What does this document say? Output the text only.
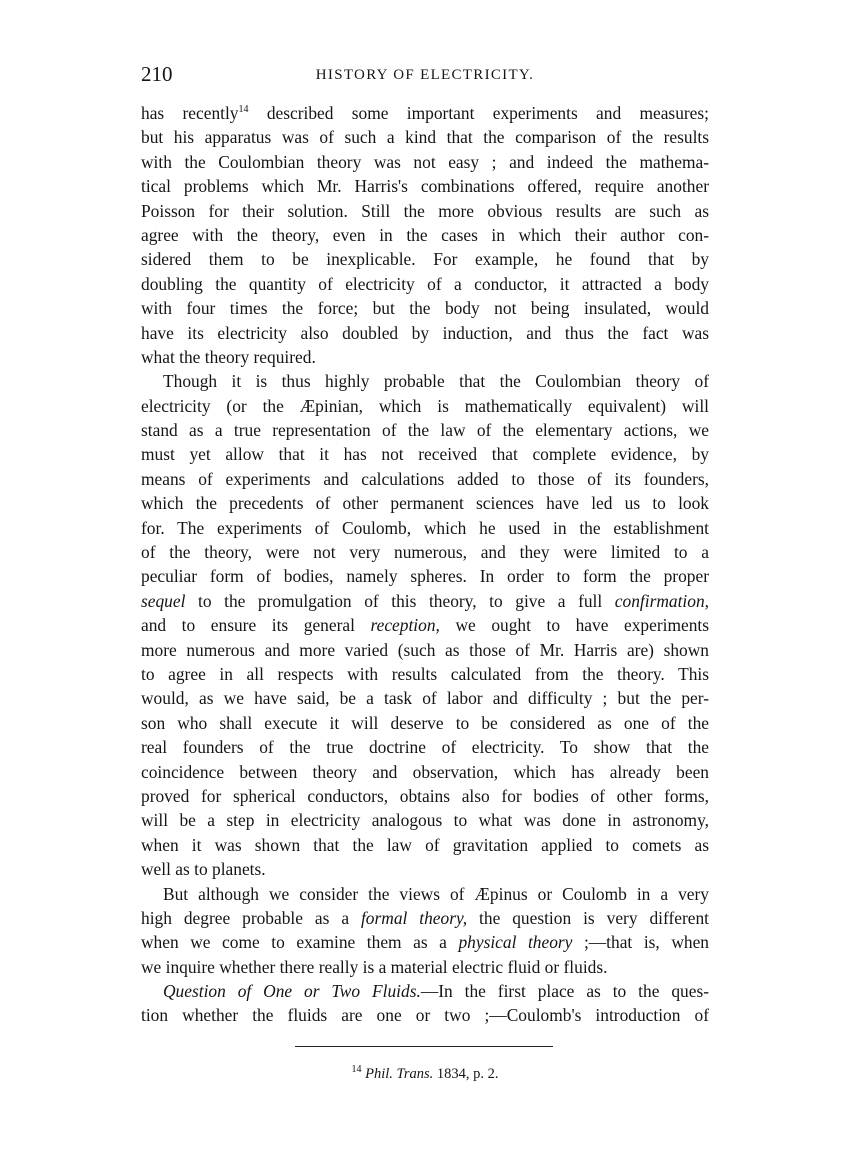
210	HISTORY OF ELECTRICITY.
has recently$^{14}$ described some important experiments and measures;
but his apparatus was of such a kind that the comparison of the results
with the Coulombian theory was not easy ; and indeed the mathema-
tical problems which Mr. Harris's combinations offered, require another
Poisson for their solution. Still the more obvious results are such as
agree with the theory, even in the cases in which their author con-
sidered them to be inexplicable. For example, he found that by
doubling the quantity of electricity of a conductor, it attracted a body
with four times the force; but the body not being insulated, would
have its electricity also doubled by induction, and thus the fact was
what the theory required.
Though it is thus highly probable that the Coulombian theory of
electricity (or the Æpinian, which is mathematically equivalent) will
stand as a true representation of the law of the elementary actions, we
must yet allow that it has not received that complete evidence, by
means of experiments and calculations added to those of its founders,
which the precedents of other permanent sciences have led us to look
for. The experiments of Coulomb, which he used in the establishment
of the theory, were not very numerous, and they were limited to a
peculiar form of bodies, namely spheres. In order to form the proper
sequel to the promulgation of this theory, to give a full confirmation,
and to ensure its general reception, we ought to have experiments
more numerous and more varied (such as those of Mr. Harris are) shown
to agree in all respects with results calculated from the theory. This
would, as we have said, be a task of labor and difficulty ; but the per-
son who shall execute it will deserve to be considered as one of the
real founders of the true doctrine of electricity. To show that the
coincidence between theory and observation, which has already been
proved for spherical conductors, obtains also for bodies of other forms,
will be a step in electricity analogous to what was done in astronomy,
when it was shown that the law of gravitation applied to comets as
well as to planets.
But although we consider the views of Æpinus or Coulomb in a very
high degree probable as a formal theory, the question is very different
when we come to examine them as a physical theory ;—that is, when
we inquire whether there really is a material electric fluid or fluids.
Question of One or Two Fluids.—In the first place as to the ques-
tion whether the fluids are one or two ;—Coulomb's introduction of
$^{14}$ Phil. Trans. 1834, p. 2.
